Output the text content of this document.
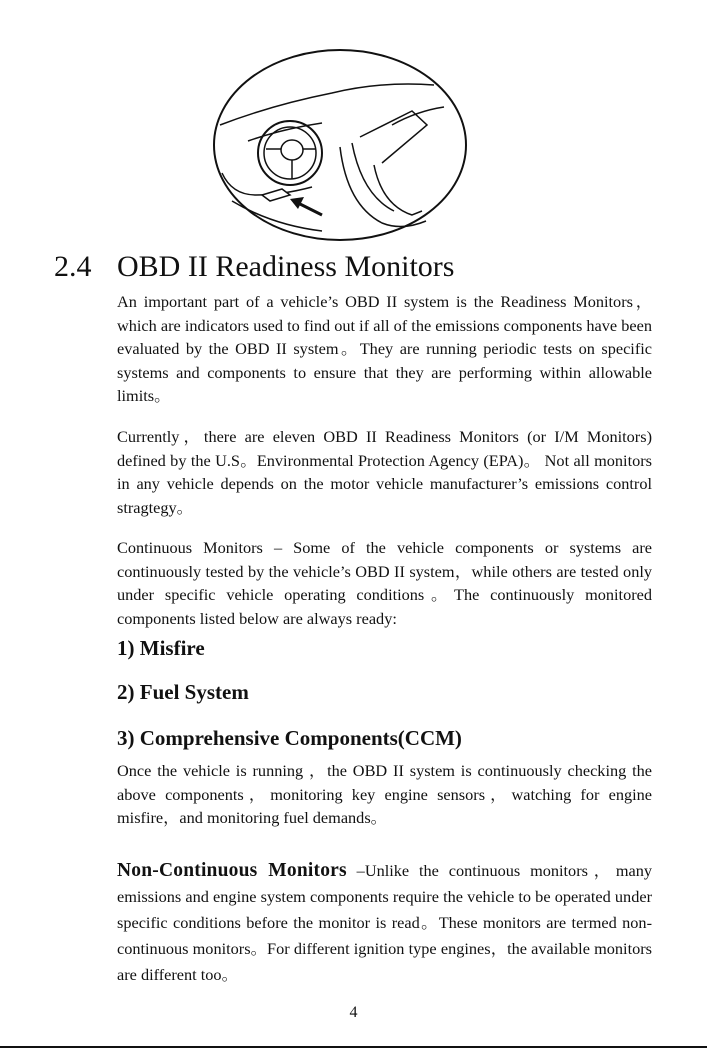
2.4 OBD II Readiness Monitors

An important part of a vehicle’s OBD II system is the Readiness Monitors，which are indicators used to find out if all of the emissions components have been evaluated by the OBD II system。They are running periodic tests on specific systems and components to ensure that they are performing within allowable limits。

Currently，there are eleven OBD II Readiness Monitors (or I/M Monitors) defined by the U.S。Environmental Protection Agency (EPA)。 Not all monitors in any vehicle depends on the motor vehicle manufacturer’s emissions control stragtegy。

Continuous Monitors – Some of the vehicle components or systems are continuously tested by the vehicle’s OBD II system，while others are tested only under specific vehicle operating conditions。The continuously monitored components listed below are always ready:

1) Misfire
2) Fuel System
3) Comprehensive Components(CCM)

Once the vehicle is running ，the OBD II system is continuously checking the above components，monitoring key engine sensors，watching for engine misfire，and monitoring fuel demands。

Non-Continuous Monitors –Unlike the continuous monitors，many emissions and engine system components require the vehicle to be operated under specific conditions before the monitor is read。These monitors are termed non-continuous monitors。For different ignition type engines，the available monitors are different too。

4
